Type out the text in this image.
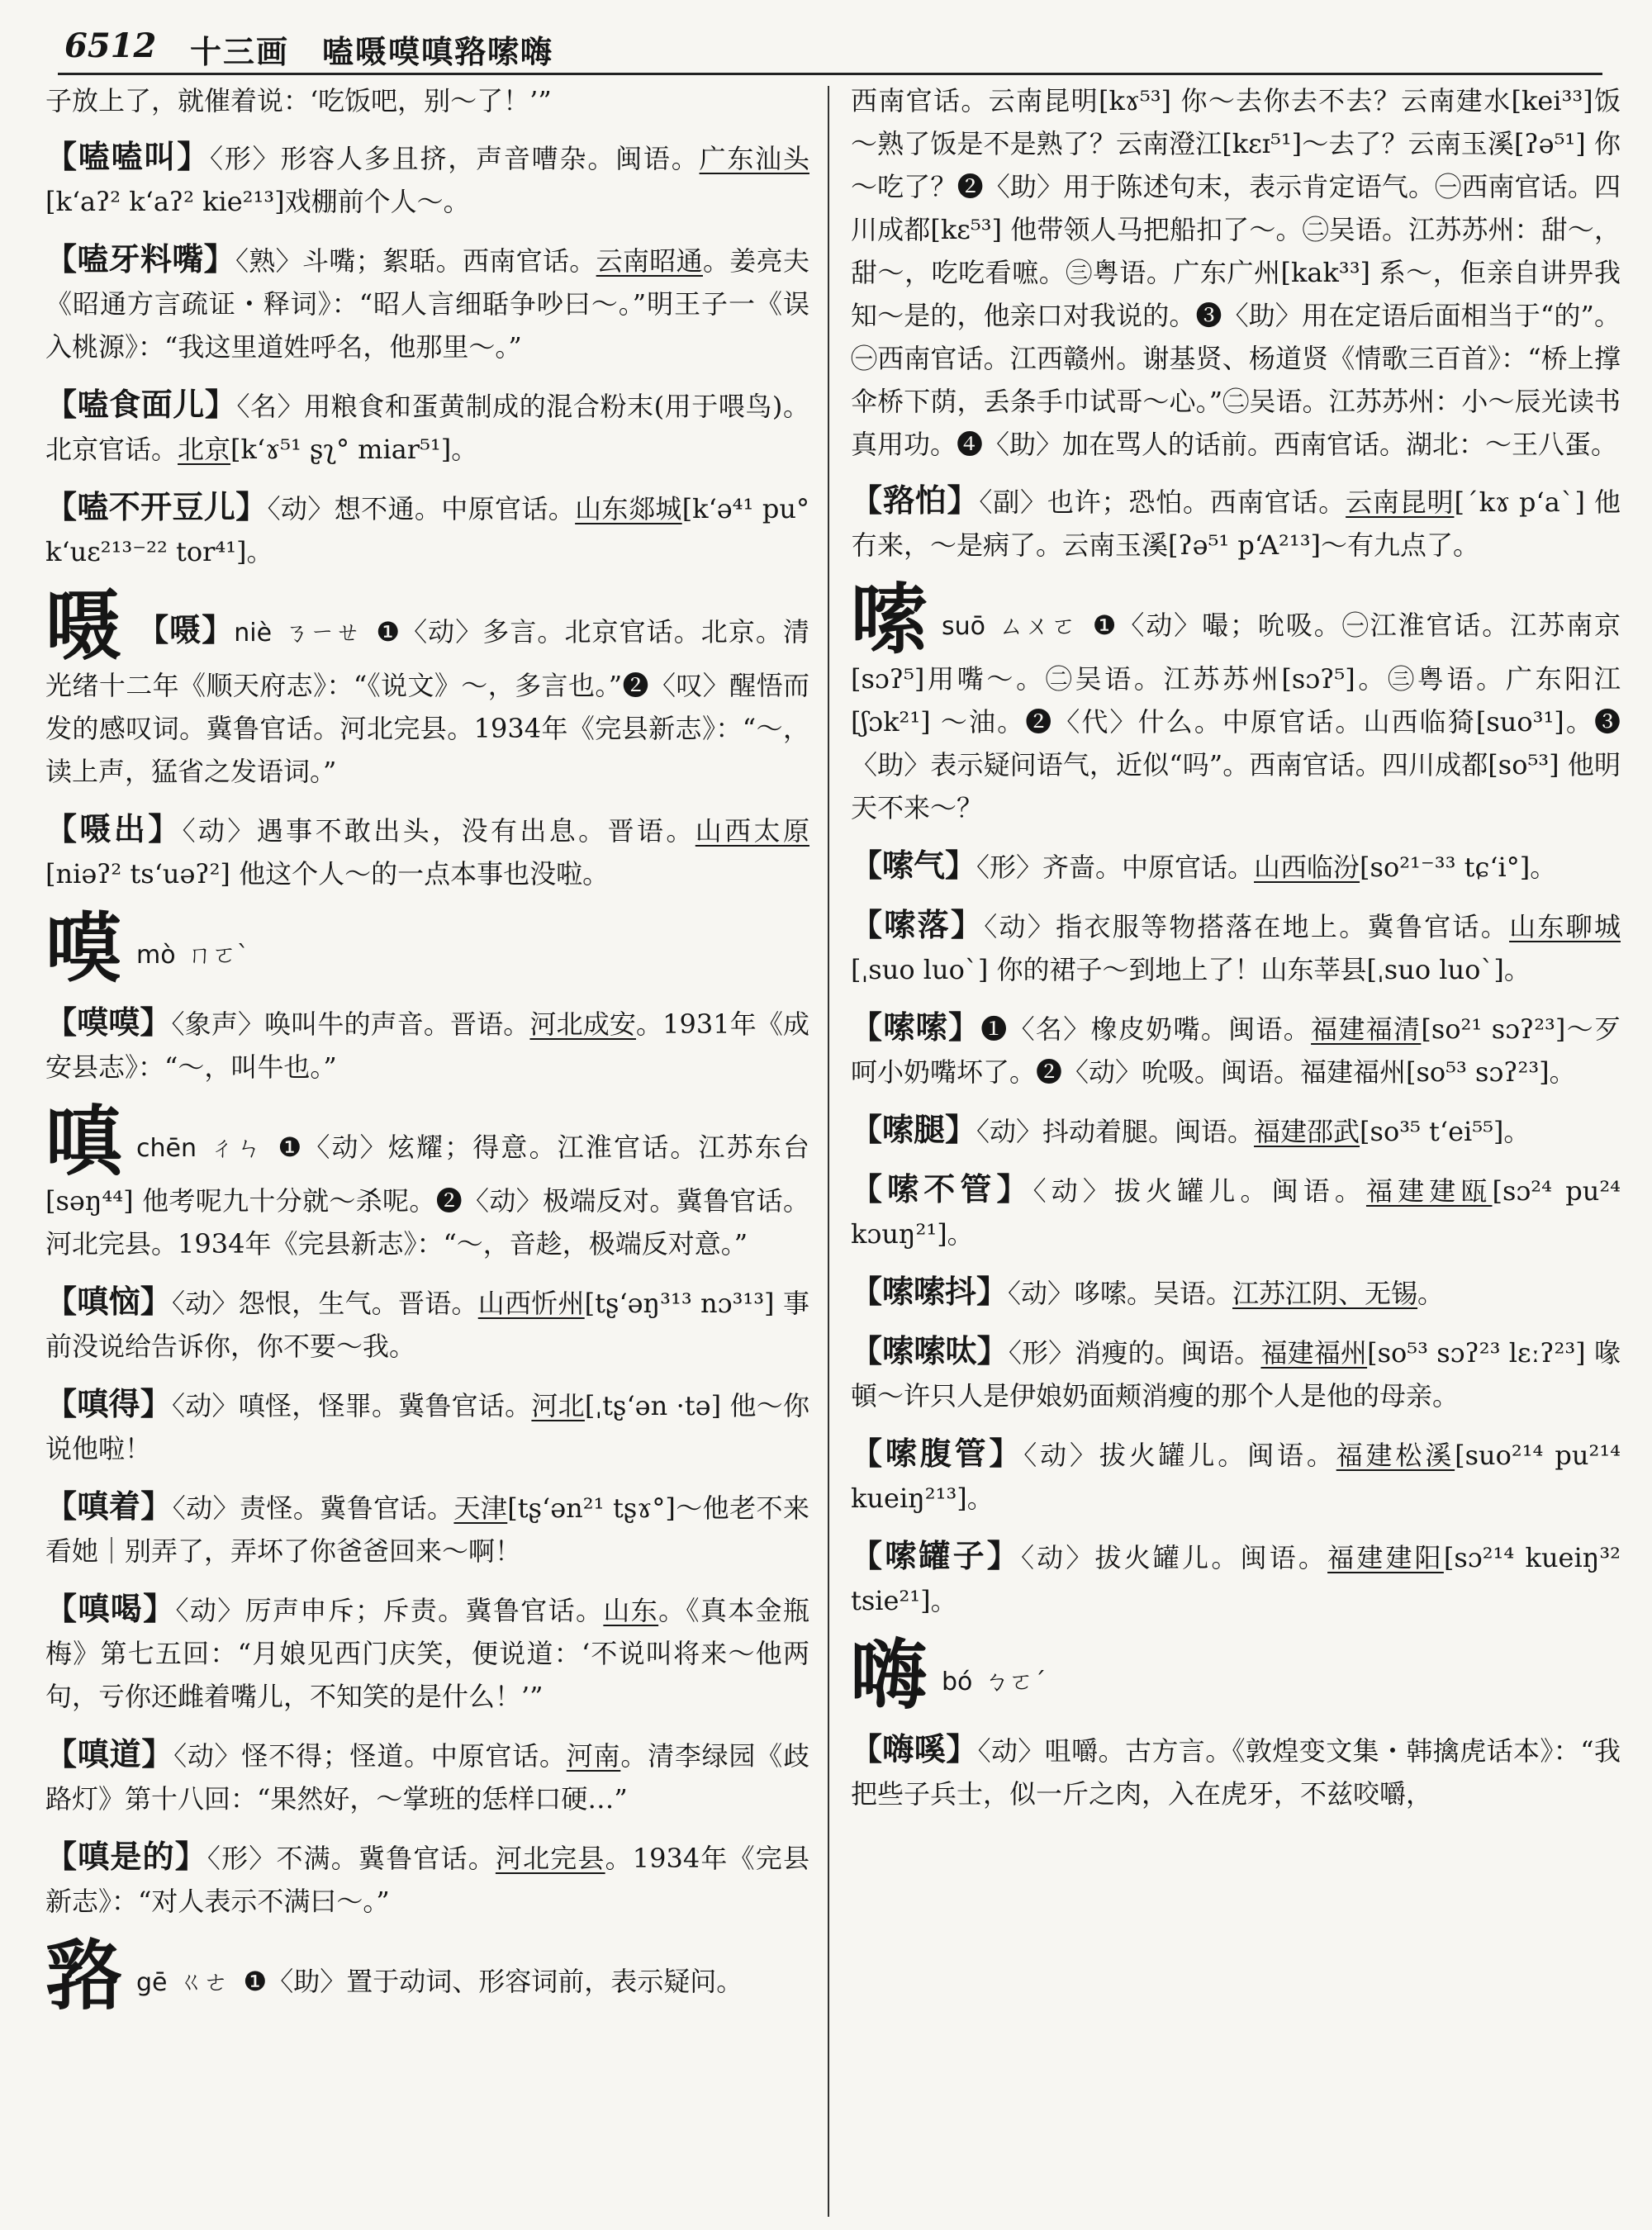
6512 十三画　嗑嗫嗼嗔嗠嗦嗨

子放上了，就催着说：‘吃饭吧，别～了！’”

【嗑嗑叫】〈形〉形容人多且挤，声音嘈杂。闽语。广东汕头[k‘aʔ² k‘aʔ² kie²¹³]戏棚前个人～。

【嗑牙料嘴】〈熟〉斗嘴；絮聒。西南官话。云南昭通。姜亮夫《昭通方言疏证・释词》：“昭人言细聒争吵曰～。”明王子一《误入桃源》：“我这里道姓呼名，他那里～。”

【嗑食面儿】〈名〉用粮食和蛋黄制成的混合粉末(用于喂鸟)。北京官话。北京[k‘ɤ⁵¹ ʂʅ° miar⁵¹]。

【嗑不开豆儿】〈动〉想不通。中原官话。山东郯城[k‘ə⁴¹ pu° k‘uɛ²¹³⁻²² tor⁴¹]。

嗫 【嗫】niè ㄋㄧㄝ ❶〈动〉多言。北京官话。北京。清光绪十二年《顺天府志》：“《说文》～，多言也。”❷〈叹〉醒悟而发的感叹词。冀鲁官话。河北完县。1934年《完县新志》：“～，读上声，猛省之发语词。”

【嗫出】〈动〉遇事不敢出头，没有出息。晋语。山西太原[niəʔ² ts‘uəʔ²] 他这个人～的一点本事也没啦。

嗼mò ㄇㄛˋ

【嗼嗼】〈象声〉唤叫牛的声音。晋语。河北成安。1931年《成安县志》：“～，叫牛也。”

嗔chēn ㄔㄣ ❶〈动〉炫耀；得意。江淮官话。江苏东台[səŋ⁴⁴] 他考呢九十分就～杀呢。❷〈动〉极端反对。冀鲁官话。河北完县。1934年《完县新志》：“～，音趁，极端反对意。”

【嗔恼】〈动〉怨恨，生气。晋语。山西忻州[tʂ‘əŋ³¹³ nɔ³¹³] 事前没说给告诉你，你不要～我。

【嗔得】〈动〉嗔怪，怪罪。冀鲁官话。河北[ˌtʂ‘ən ·tə] 他～你说他啦！

【嗔着】〈动〉责怪。冀鲁官话。天津[tʂ‘ən²¹ tʂɤ°]～他老不来看她｜别弄了，弄坏了你爸爸回来～啊！

【嗔喝】〈动〉厉声申斥；斥责。冀鲁官话。山东。《真本金瓶梅》第七五回：“月娘见西门庆笑，便说道：‘不说叫将来～他两句，亏你还雌着嘴儿，不知笑的是什么！’”

【嗔道】〈动〉怪不得；怪道。中原官话。河南。清李绿园《歧路灯》第十八回：“果然好，～掌班的恁样口硬…”

【嗔是的】〈形〉不满。冀鲁官话。河北完县。1934年《完县新志》：“对人表示不满曰～。”

嗠gē ㄍㄜ ❶〈助〉置于动词、形容词前，表示疑问。

西南官话。云南昆明[kɤ⁵³] 你～去你去不去？云南建水[kei³³]饭～熟了饭是不是熟了？云南澄江[kɛɪ⁵¹]～去了？云南玉溪[ʔə⁵¹] 你～吃了？❷〈助〉用于陈述句末，表示肯定语气。㊀西南官话。四川成都[kɛ⁵³] 他带领人马把船扣了～。㊁吴语。江苏苏州：甜～，甜～，吃吃看嗻。㊂粤语。广东广州[kak³³] 系～，佢亲自讲畀我知～是的，他亲口对我说的。❸〈助〉用在定语后面相当于“的”。㊀西南官话。江西赣州。谢基贤、杨道贤《情歌三百首》：“桥上撑伞桥下荫，丢条手巾试哥～心。”㊁吴语。江苏苏州：小～辰光读书真用功。❹〈助〉加在骂人的话前。西南官话。湖北：～王八蛋。

【嗠怕】〈副〉也许；恐怕。西南官话。云南昆明[ˊkɤ p‘aˋ] 他冇来，～是病了。云南玉溪[ʔə⁵¹ p‘A²¹³]～有九点了。

嗦suō ㄙㄨㄛ ❶〈动〉嘬；吮吸。㊀江淮官话。江苏南京[sɔʔ⁵]用嘴～。㊁吴语。江苏苏州[sɔʔ⁵]。㊂粤语。广东阳江[ʃɔk²¹] ～油。❷〈代〉什么。中原官话。山西临猗[suo³¹]。❸〈助〉表示疑问语气，近似“吗”。西南官话。四川成都[so⁵³] 他明天不来～？

【嗦气】〈形〉齐啬。中原官话。山西临汾[so²¹⁻³³ tɕ‘i°]。

【嗦落】〈动〉指衣服等物搭落在地上。冀鲁官话。山东聊城[ˌsuo luoˋ] 你的裙子～到地上了！山东莘县[ˌsuo luoˋ]。

【嗦嗦】❶〈名〉橡皮奶嘴。闽语。福建福清[so²¹ sɔʔ²³]～歹呵小奶嘴坏了。❷〈动〉吮吸。闽语。福建福州[so⁵³ sɔʔ²³]。

【嗦腿】〈动〉抖动着腿。闽语。福建邵武[so³⁵ t‘ei⁵⁵]。

【嗦不管】〈动〉拔火罐儿。闽语。福建建瓯[sɔ²⁴ pu²⁴ kɔuŋ²¹]。

【嗦嗦抖】〈动〉哆嗦。吴语。江苏江阴、无锡。

【嗦嗦呔】〈形〉消瘦的。闽语。福建福州[so⁵³ sɔʔ²³ lɛːʔ²³] 喙頓～许只人是伊娘奶面颊消瘦的那个人是他的母亲。

【嗦腹管】〈动〉拔火罐儿。闽语。福建松溪[suo²¹⁴ pu²¹⁴ kueiŋ²¹³]。

【嗦罐子】〈动〉拔火罐儿。闽语。福建建阳[sɔ²¹⁴ kueiŋ³² tsie²¹]。

嗨bó ㄅㄛˊ

【嗨嗘】〈动〉咀嚼。古方言。《敦煌变文集・韩擒虎话本》：“我把些子兵士，似一斤之肉，入在虎牙，不兹咬嚼，
